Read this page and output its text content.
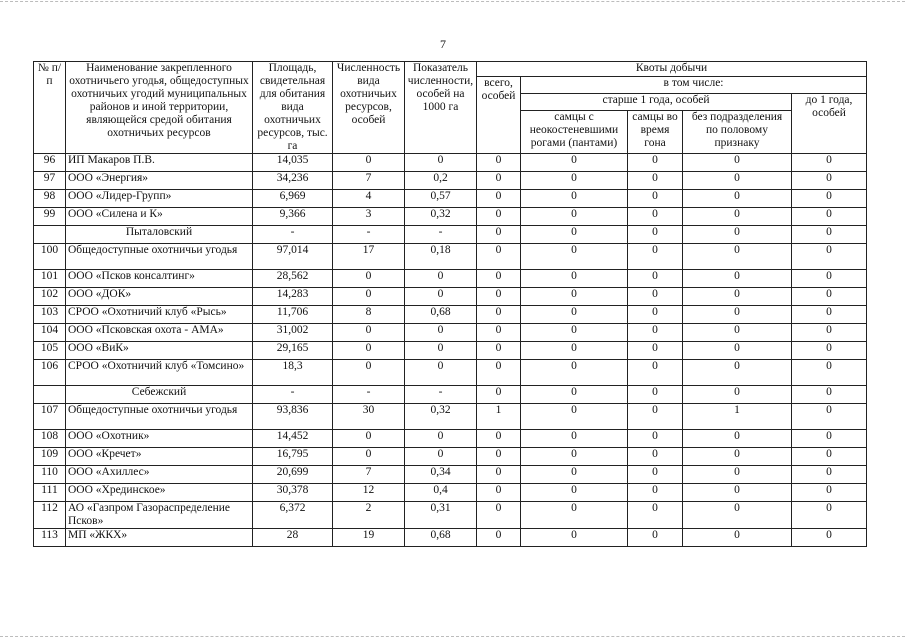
7
№ п/п	Наименование закрепленного охотничьего угодья, общедоступных охотничьих угодий муниципальных районов и иной территории, являющейся средой обитания охотничьих ресурсов	Площадь, свидетельная для обитания вида охотничьих ресурсов, тыс. га	Численность вида охотничьих ресурсов, особей	Показатель численности, особей на 1000 га	Квоты добычи				
					всего, особей	в том числе:			
						старше 1 года, особей			до 1 года, особей
						самцы с неокостеневшими рогами (пантами)	самцы во время гона	без подразделения по половому признаку	
96	ИП Макаров П.В.	14,035	0	0	0	0	0	0	0
97	ООО «Энергия»	34,236	7	0,2	0	0	0	0	0
98	ООО «Лидер-Групп»	6,969	4	0,57	0	0	0	0	0
99	ООО «Силена и К»	9,366	3	0,32	0	0	0	0	0
	Пыталовский	-	-	-	0	0	0	0	0
100	Общедоступные охотничьи угодья	97,014	17	0,18	0	0	0	0	0
101	ООО «Псков консалтинг»	28,562	0	0	0	0	0	0	0
102	ООО «ДОК»	14,283	0	0	0	0	0	0	0
103	СРОО «Охотничий клуб «Рысь»	11,706	8	0,68	0	0	0	0	0
104	ООО «Псковская охота - АМА»	31,002	0	0	0	0	0	0	0
105	ООО «ВиК»	29,165	0	0	0	0	0	0	0
106	СРОО «Охотничий клуб «Томсино»	18,3	0	0	0	0	0	0	0
	Себежский	-	-	-	0	0	0	0	0
107	Общедоступные охотничьи угодья	93,836	30	0,32	1	0	0	1	0
108	ООО «Охотник»	14,452	0	0	0	0	0	0	0
109	ООО «Кречет»	16,795	0	0	0	0	0	0	0
110	ООО «Ахиллес»	20,699	7	0,34	0	0	0	0	0
111	ООО «Хрединское»	30,378	12	0,4	0	0	0	0	0
112	АО «Газпром Газораспределение Псков»	6,372	2	0,31	0	0	0	0	0
113	МП «ЖКХ»	28	19	0,68	0	0	0	0	0
